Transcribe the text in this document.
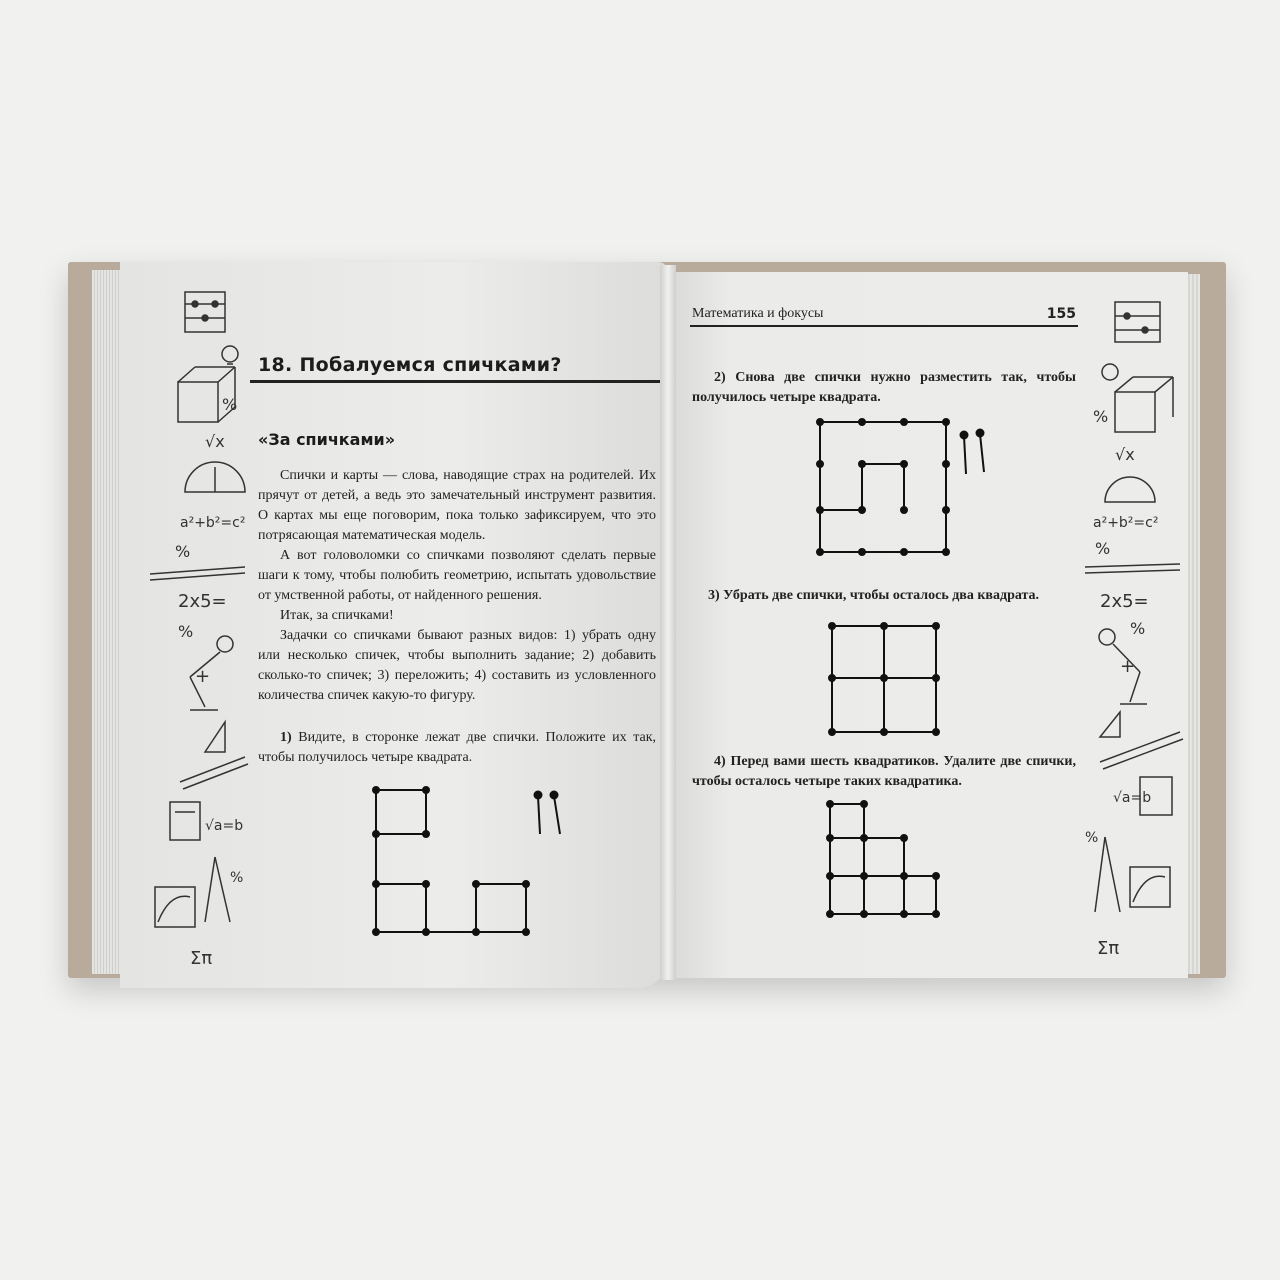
%
√x
a²+b²=c²
%
2x5=
%
+
√a=b
%
Σπ
%
√x
a²+b²=c²
%
2x5=
%
+
√a=b
%
Σπ
18. Побалуемся спичками?
«За спичками»

Спички и карты — слова, наводящие страх на родителей. Их прячут от детей, а ведь это замечательный инструмент развития. О картах мы еще поговорим, пока только зафиксируем, что это потрясающая математическая модель.

А вот головоломки со спичками позволяют сделать первые шаги к тому, чтобы полюбить геометрию, испытать удовольствие от умственной работы, от найденного решения.

Итак, за спичками!

Задачки со спичками бывают разных видов: 1) убрать одну или несколько спичек, чтобы выполнить задание; 2) добавить сколько-то спичек; 3) переложить; 4) составить из условленного количества спичек какую-то фигуру.

1) Видите, в сторонке лежат две спички. Положите их так, чтобы получилось четыре квадрата.

Математика и фокусы	155

2) Снова две спички нужно разместить так, чтобы получилось четыре квадрата.

3) Убрать две спички, чтобы осталось два квадрата.

4) Перед вами шесть квадратиков. Удалите две спички, чтобы осталось четыре таких квадратика.
